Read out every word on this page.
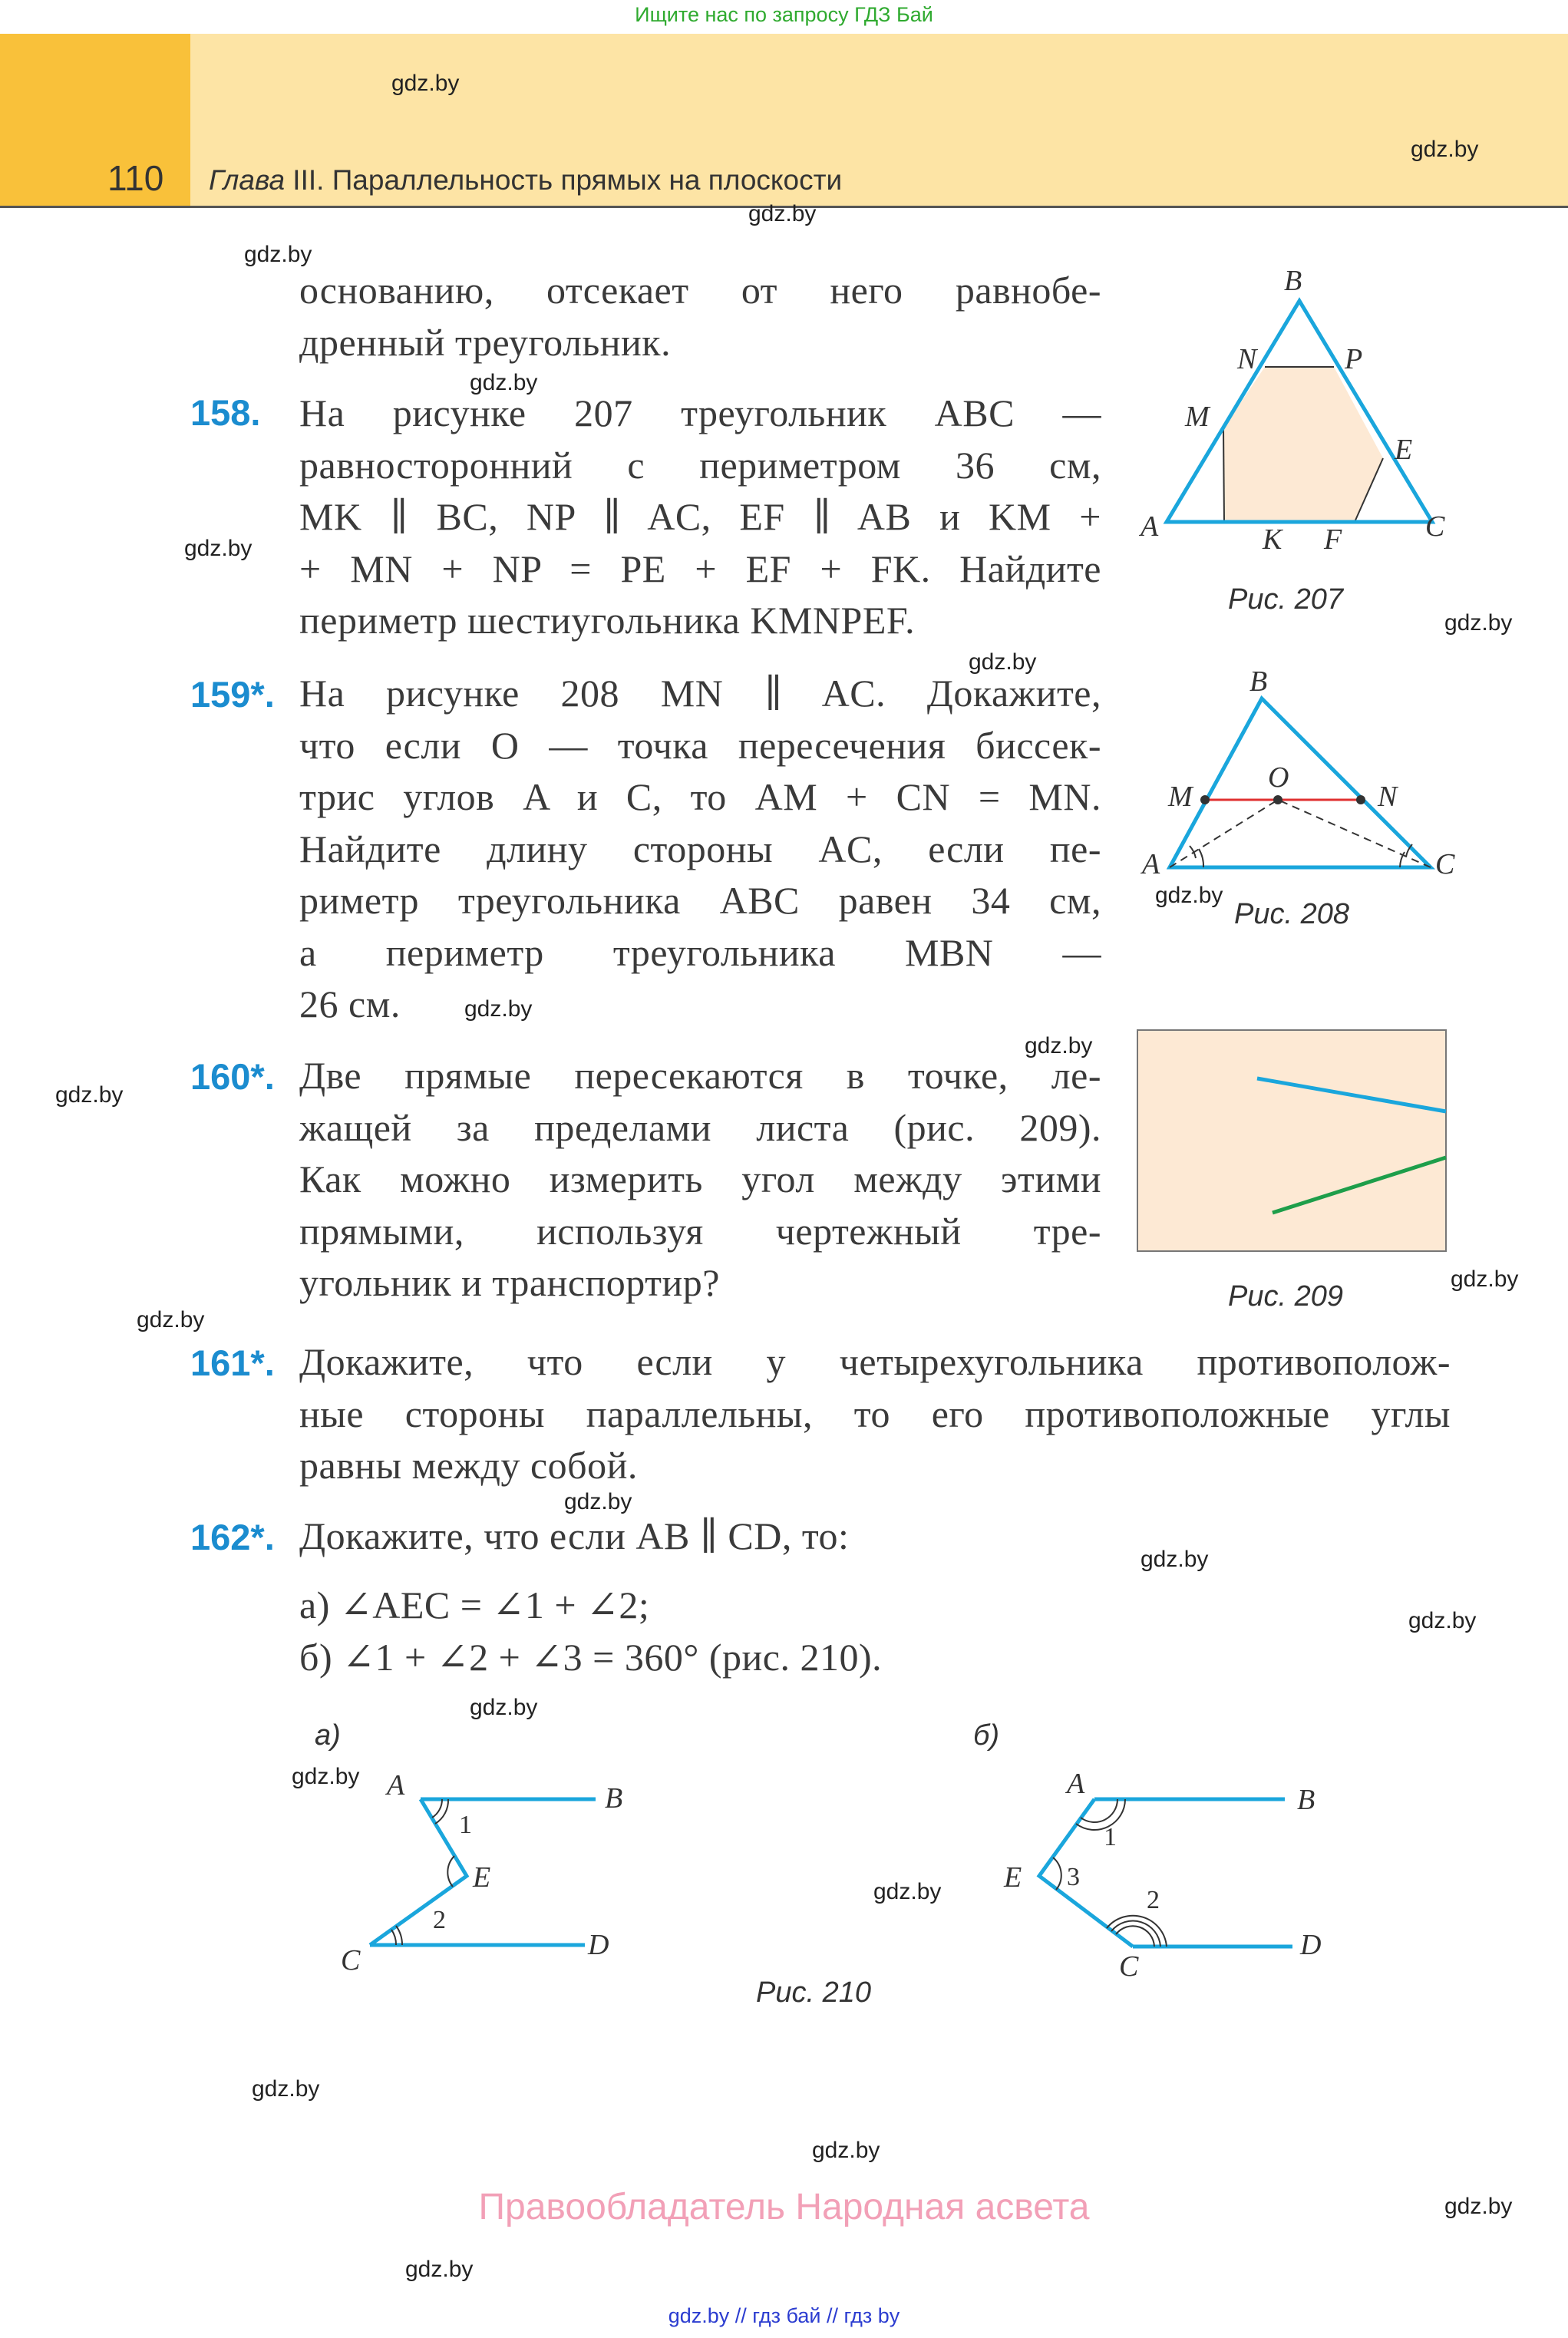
Ищите нас по запросу ГДЗ Бай
110 Глава III. Параллельность прямых на плоскости
основанию, отсекает от него равнобе-
дренный треугольник.
158. На рисунке 207 треугольник ABC —
равносторонний с периметром 36 см,
MK ∥ BC, NP ∥ AC, EF ∥ AB и KM +
+ MN + NP = PE + EF + FK. Найдите
периметр шестиугольника KMNPEF.
159*. На рисунке 208 MN ∥ AC. Докажите,
что если O — точка пересечения биссек-
трис углов A и C, то AM + CN = MN.
Найдите длину стороны AC, если пе-
риметр треугольника ABC равен 34 см,
а периметр треугольника MBN —
26 см.
160*. Две прямые пересекаются в точке, ле-
жащей за пределами листа (рис. 209).
Как можно измерить угол между этими
прямыми, используя чертежный тре-
угольник и транспортир?
161*. Докажите, что если у четырехугольника противополож-
ные стороны параллельны, то его противоположные углы
равны между собой.
162*. Докажите, что если AB ∥ CD, то:
а) ∠AEC = ∠1 + ∠2;
б) ∠1 + ∠2 + ∠3 = 360° (рис. 210).
B
N	P
M
E
A	K F	C
Рис. 207
B
M
O
N
A	C
Рис. 208
Рис. 209
а)	б)
A	B
1
E
2
C	D
A	B
1
E 3
2
C
D
Рис. 210
gdz.by
gdz.by
gdz.by
gdz.by
gdz.by
gdz.by
gdz.by
gdz.by
gdz.by
gdz.by
gdz.by
gdz.by
gdz.by
gdz.by
gdz.by
gdz.by
gdz.by
gdz.by
gdz.by
gdz.by
gdz.by
gdz.by
gdz.by
gdz.by
Правообладатель Народная асвета
gdz.by // гдз бай // гдз by
